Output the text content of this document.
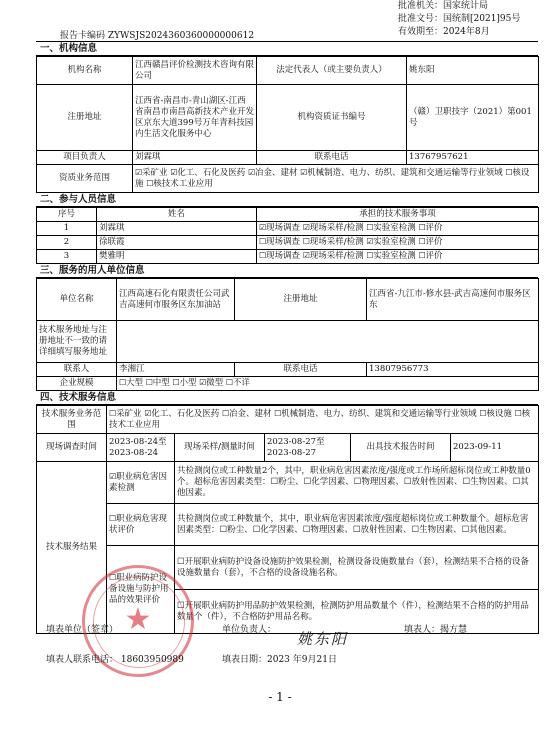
批准机关：国家统计局
批准文号：国统制[2021]95号
有效期至：2024年8月
报告卡编码 ZYWSJS2024360360000000612
一、机构信息
机构名称	江西赣昌评价检测技术咨询有限公司	法定代表人（或主要负责人）	姚东阳
注册地址	江西省-南昌市-青山湖区-江西省南昌市南昌高新技术产业开发区京东大道399号万年青科技园内生活文化服务中心	机构资质证书编号	（赣）卫职技字（2021）第001号
项目负责人	刘霖琪	联系电话	13767957621
资质业务范围	☑采矿业 ☑化工、石化及医药 ☑冶金、建材 ☑机械制造、电力、纺织、建筑和交通运输等行业领域 ☐核设施 ☐核技术工业应用		
二、参与人员信息
序号	姓名	承担的技术服务事项
1	刘霖琪	☑现场调查 ☑现场采样/检测 ☐实验室检测 ☐评价
2	徐联霞	☐现场调查 ☐现场采样/检测 ☑实验室检测 ☐评价
3	樊雅明	☐现场调查 ☑现场采样/检测 ☐实验室检测 ☐评价
三、服务的用人单位信息
单位名称	江西高速石化有限责任公司武吉高速何市服务区东加油站	注册地址	江西省-九江市-修水县-武吉高速何市服务区东
技术服务地址与注册地址不一致的请详细填写服务地址			
联系人	李湘江	联系电话	13807956773
企业规模	☐大型 ☐中型 ☐小型 ☑微型 ☐不详		
四、技术服务信息
技术服务业务范围	☐采矿业 ☑化工、石化及医药 ☐冶金、建材 ☐机械制造、电力、纺织、建筑和交通运输等行业领域 ☐核设施 ☐核技术工业应用				
现场调查时间	2023-08-24至2023-08-24	现场采样/测量时间	2023-08-27至2023-08-27	出具技术报告时间	2023-09-11
技术服务结果	☑职业病危害因素检测	共检测岗位或工种数量2个，其中，职业病危害因素浓度/强度或工作场所超标岗位或工种数量0个。超标危害因素类型：☐粉尘、☐化学因素、☐物理因素、☐放射性因素、☐生物因素、☐其他因素。			
	☐职业病危害现状评价	共检测岗位或工种数量个，其中，职业病危害因素浓度/强度超标岗位或工种数量个。超标危害因素类型：☐粉尘、☐化学因素、☐物理因素、☐放射性因素、☐生物因素、☐其他因素。			
	☐职业病防护设备设施与防护用品的效果评价	☐开展职业病防护设备设施防护效果检测，检测设备设施数量台（套），检测结果不合格的设备设施数量台（套），不合格的设备设施名称。			
		☐开展职业病防护用品防护效果检测，检测防护用品数量个（件），检测结果不合格的防护用品数量个（件），不合格防护用品名称。			
★
填表单位（签章）	单位负责人： 姚东阳	填表人：揭方慧
填表人联系电话： 18603950989	填表日期：2023 年9月21日
- 1 -
